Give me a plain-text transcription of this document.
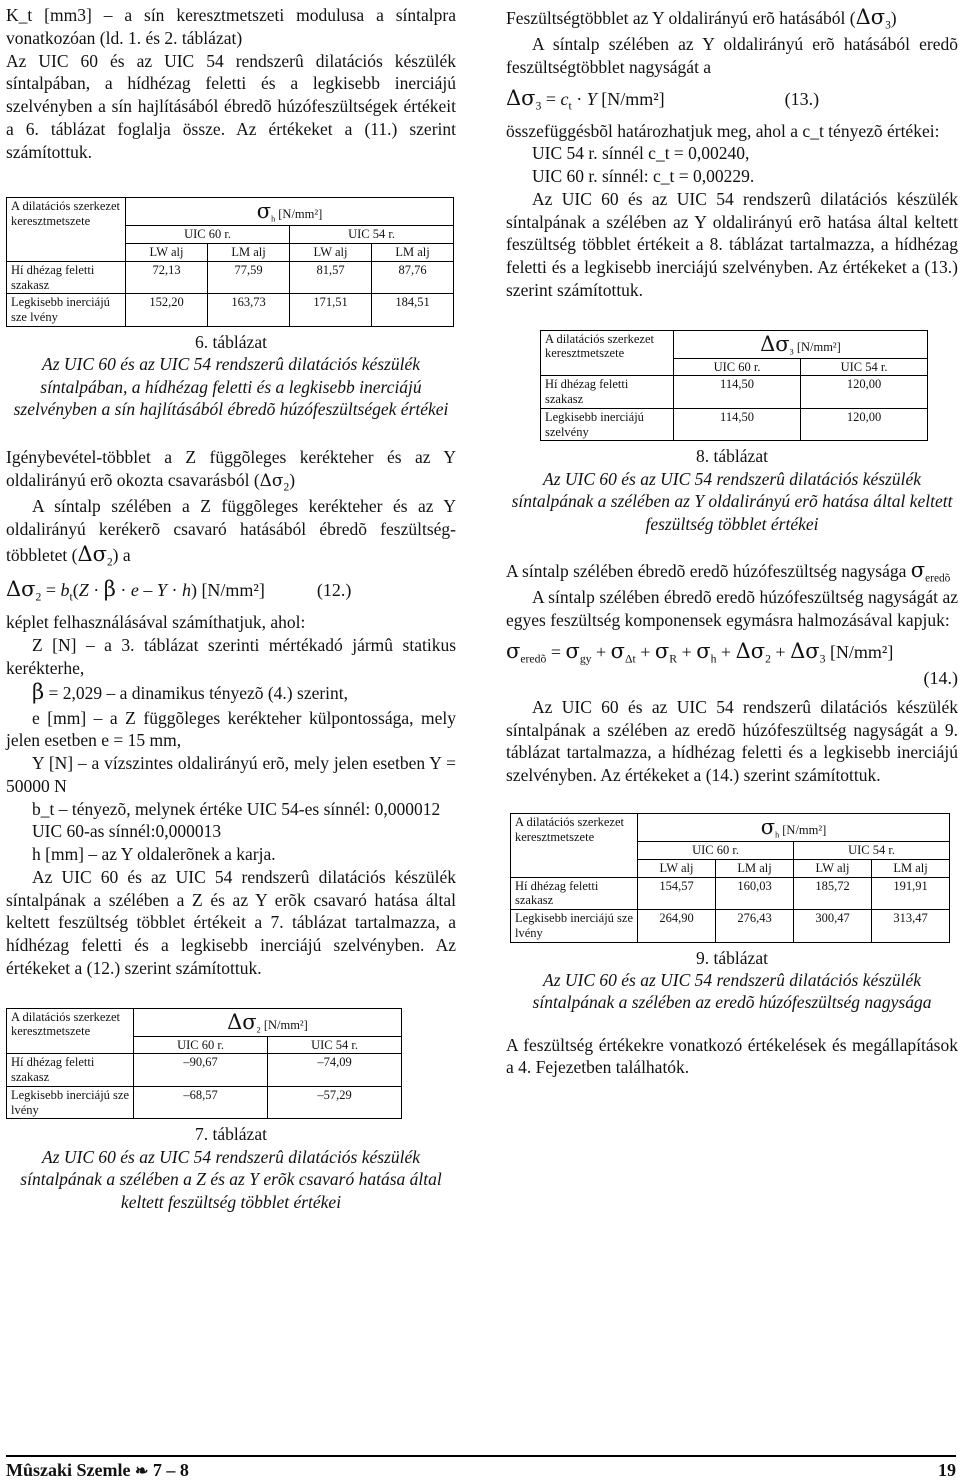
K_t [mm3] – a sín keresztmetszeti modulusa a síntalpra vonatkozóan (ld. 1. és 2. táblázat)

Az UIC 60 és az UIC 54 rendszerû dilatációs készülék síntalpában, a hídhézag feletti és a legkisebb inerciájú szelvényben a sín hajlításából ébredõ húzófeszültségek értékeit a 6. táblázat foglalja össze. Az értékeket a (11.) szerint számítottuk.

A dilatációs szerkezet keresztmetszete	$\sigma_h$ [N/mm²]			
	UIC 60 r.		UIC 54 r.	
	LW alj	LM alj	LW alj	LM alj
Hí dhézag feletti szakasz	72,13	77,59	81,57	87,76
Legkisebb inerciájú sze lvény	152,20	163,73	171,51	184,51

6. táblázat

Az UIC 60 és az UIC 54 rendszerû dilatációs készülék síntalpában, a hídhézag feletti és a legkisebb inerciájú szelvényben a sín hajlításából ébredõ húzófeszültségek értékei

Igénybevétel-többlet a Z függõleges kerékteher és az Y oldalirányú erõ okozta csavarásból $(\Delta\sigma_2)$

A síntalp szélében a Z függõleges kerékteher és az Y oldalirányú kerékerõ csavaró hatásából ébredõ feszültség-többletet $(\Delta\sigma_2)$ a

$\Delta\sigma_2 = b_t(Z \cdot \beta \cdot e - Y \cdot h)$ [N/mm²]	(12.)

képlet felhasználásával számíthatjuk, ahol:

Z [N] – a 3. táblázat szerinti mértékadó jármû statikus kerékterhe,

β = 2,029 – a dinamikus tényezõ (4.) szerint,

e [mm] – a Z függõleges kerékteher külpontossága, mely jelen esetben e = 15 mm,

Y [N] – a vízszintes oldalirányú erõ, mely jelen esetben Y = 50000 N

b_t – tényezõ, melynek értéke UIC 54-es sínnél: 0,000012

UIC 60-as sínnél:0,000013

h [mm] – az Y oldalerõnek a karja.

Az UIC 60 és az UIC 54 rendszerû dilatációs készülék síntalpának a szélében a Z és az Y erõk csavaró hatása által keltett feszültség többlet értékeit a 7. táblázat tartalmazza, a hídhézag feletti és a legkisebb inerciájú szelvényben. Az értékeket a (12.) szerint számítottuk.

A dilatációs szerkezet keresztmetszete	$\Delta\sigma_2$ [N/mm²]	
	UIC 60 r.	UIC 54 r.
Hí dhézag feletti szakasz	–90,67	–74,09
Legkisebb inerciájú sze lvény	–68,57	–57,29

7. táblázat

Az UIC 60 és az UIC 54 rendszerû dilatációs készülék síntalpának a szélében a Z és az Y erõk csavaró hatása által keltett feszültség többlet értékei

Feszültségtöbblet az Y oldalirányú erõ hatásából $(\Delta\sigma_3)$

A síntalp szélében az Y oldalirányú erõ hatásából eredõ feszültségtöbblet nagyságát a

$\Delta\sigma_3 = c_t \cdot Y$ [N/mm²]	(13.)

összefüggésbõl határozhatjuk meg, ahol a c_t tényezõ értékei:

UIC 54 r. sínnél c_t = 0,00240,

UIC 60 r. sínnél: c_t = 0,00229.

Az UIC 60 és az UIC 54 rendszerû dilatációs készülék síntalpának a szélében az Y oldalirányú erõ hatása által keltett feszültség többlet értékeit a 8. táblázat tartalmazza, a hídhézag feletti és a legkisebb inerciájú szelvényben. Az értékeket a (13.) szerint számítottuk.

A dilatációs szerkezet keresztmetszete	$\Delta\sigma_3$ [N/mm²]	
	UIC 60 r.	UIC 54 r.
Hí dhézag feletti szakasz	114,50	120,00
Legkisebb inerciájú szelvény	114,50	120,00

8. táblázat

Az UIC 60 és az UIC 54 rendszerû dilatációs készülék síntalpának a szélében az Y oldalirányú erõ hatása által keltett feszültség többlet értékei

A síntalp szélében ébredõ eredõ húzófeszültség nagysága $\sigma_{eredõ}$

A síntalp szélében ébredõ eredõ húzófeszültség nagyságát az egyes feszültség komponensek egymásra halmozásával kapjuk:

$\sigma_{eredõ} = \sigma_{gy} + \sigma_{\Delta t} + \sigma_R + \sigma_h + \Delta\sigma_2 + \Delta\sigma_3$ [N/mm²]

(14.)

Az UIC 60 és az UIC 54 rendszerû dilatációs készülék síntalpának a szélében az eredõ húzófeszültség nagyságát a 9. táblázat tartalmazza, a hídhézag feletti és a legkisebb inerciájú szelvényben. Az értékeket a (14.) szerint számítottuk.

A dilatációs szerkezet keresztmetszete	$\sigma_h$ [N/mm²]			
	UIC 60 r.		UIC 54 r.	
	LW alj	LM alj	LW alj	LM alj
Hí dhézag feletti szakasz	154,57	160,03	185,72	191,91
Legkisebb inerciájú sze lvény	264,90	276,43	300,47	313,47

9. táblázat

Az UIC 60 és az UIC 54 rendszerû dilatációs készülék síntalpának a szélében az eredõ húzófeszültség nagysága

A feszültség értékekre vonatkozó értékelések és megállapítások a 4. Fejezetben találhatók.

Mûszaki Szemle ❧ 7 – 8	19
